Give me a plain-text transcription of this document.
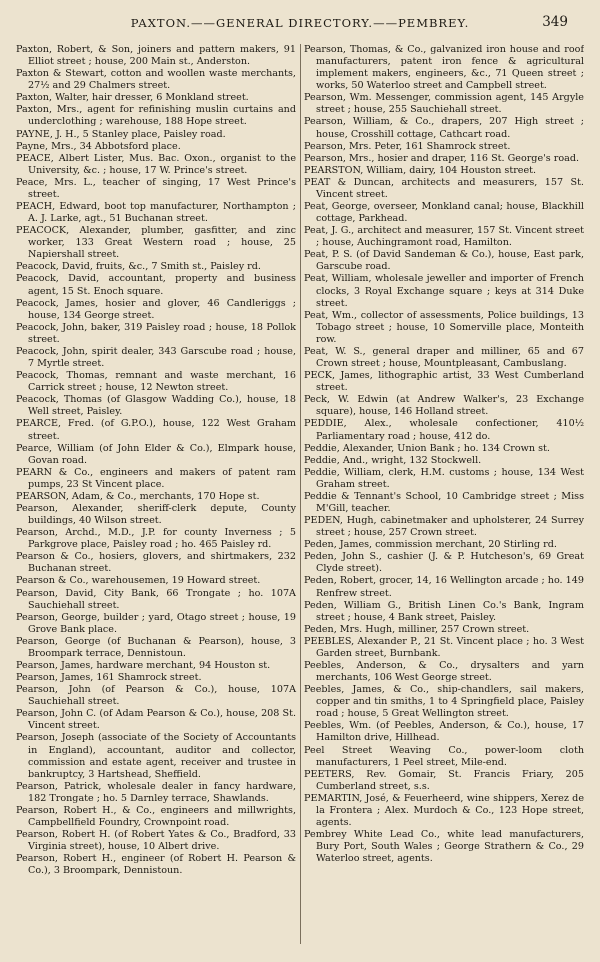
PAXTON.——GENERAL DIRECTORY.——PEMBREY.	349
Paxton, Robert, & Son, joiners and pattern makers, 91 Elliot street ; house, 200 Main st., Anderston.
Paxton & Stewart, cotton and woollen waste merchants, 27½ and 29 Chalmers street.
Paxton, Walter, hair dresser, 6 Monkland street.
Paxton, Mrs., agent for refinishing muslin curtains and underclothing ; warehouse, 188 Hope street.
PAYNE, J. H., 5 Stanley place, Paisley road.
Payne, Mrs., 34 Abbotsford place.
PEACE, Albert Lister, Mus. Bac. Oxon., organist to the University, &c. ; house, 17 W. Prince's street.
Peace, Mrs. L., teacher of singing, 17 West Prince's street.
PEACH, Edward, boot top manufacturer, Northampton ; A. J. Larke, agt., 51 Buchanan street.
PEACOCK, Alexander, plumber, gasfitter, and zinc worker, 133 Great Western road ; house, 25 Napiershall street.
Peacock, David, fruits, &c., 7 Smith st., Paisley rd.
Peacock, David, accountant, property and business agent, 15 St. Enoch square.
Peacock, James, hosier and glover, 46 Candleriggs ; house, 134 George street.
Peacock, John, baker, 319 Paisley road ; house, 18 Pollok street.
Peacock, John, spirit dealer, 343 Garscube road ; house, 7 Myrtle street.
Peacock, Thomas, remnant and waste merchant, 16 Carrick street ; house, 12 Newton street.
Peacock, Thomas (of Glasgow Wadding Co.), house, 18 Well street, Paisley.
PEARCE, Fred. (of G.P.O.), house, 122 West Graham street.
Pearce, William (of John Elder & Co.), Elmpark house, Govan road.
PEARN & Co., engineers and makers of patent ram pumps, 23 St Vincent place.
PEARSON, Adam, & Co., merchants, 170 Hope st.
Pearson, Alexander, sheriff-clerk depute, County buildings, 40 Wilson street.
Pearson, Archd., M.D., J.P. for county Inverness ; 5 Parkgrove place, Paisley road ; ho. 465 Paisley rd.
Pearson & Co., hosiers, glovers, and shirtmakers, 232 Buchanan street.
Pearson & Co., warehousemen, 19 Howard street.
Pearson, David, City Bank, 66 Trongate ; ho. 107A Sauchiehall street.
Pearson, George, builder ; yard, Otago street ; house, 19 Grove Bank place.
Pearson, George (of Buchanan & Pearson), house, 3 Broompark terrace, Dennistoun.
Pearson, James, hardware merchant, 94 Houston st.
Pearson, James, 161 Shamrock street.
Pearson, John (of Pearson & Co.), house, 107A Sauchiehall street.
Pearson, John C. (of Adam Pearson & Co.), house, 208 St. Vincent street.
Pearson, Joseph (associate of the Society of Accountants in England), accountant, auditor and collector, commission and estate agent, receiver and trustee in bankruptcy, 3 Hartshead, Sheffield.
Pearson, Patrick, wholesale dealer in fancy hardware, 182 Trongate ; ho. 5 Darnley terrace, Shawlands.
Pearson, Robert H., & Co., engineers and millwrights, Campbellfield Foundry, Crownpoint road.
Pearson, Robert H. (of Robert Yates & Co., Bradford, 33 Virginia street), house, 10 Albert drive.
Pearson, Robert H., engineer (of Robert H. Pearson & Co.), 3 Broompark, Dennistoun.
Pearson, Thomas, & Co., galvanized iron house and roof manufacturers, patent iron fence & agricultural implement makers, engineers, &c., 71 Queen street ; works, 50 Waterloo street and Campbell street.
Pearson, Wm. Messenger, commission agent, 145 Argyle street ; house, 255 Sauchiehall street.
Pearson, William, & Co., drapers, 207 High street ; house, Crosshill cottage, Cathcart road.
Pearson, Mrs. Peter, 161 Shamrock street.
Pearson, Mrs., hosier and draper, 116 St. George's road.
PEARSTON, William, dairy, 104 Houston street.
PEAT & Duncan, architects and measurers, 157 St. Vincent street.
Peat, George, overseer, Monkland canal; house, Blackhill cottage, Parkhead.
Peat, J. G., architect and measurer, 157 St. Vincent street ; house, Auchingramont road, Hamilton.
Peat, P. S. (of David Sandeman & Co.), house, East park, Garscube road.
Peat, William, wholesale jeweller and importer of French clocks, 3 Royal Exchange square ; keys at 314 Duke street.
Peat, Wm., collector of assessments, Police buildings, 13 Tobago street ; house, 10 Somerville place, Monteith row.
Peat, W. S., general draper and milliner, 65 and 67 Crown street ; house, Mountpleasant, Cambuslang.
PECK, James, lithographic artist, 33 West Cumberland street.
Peck, W. Edwin (at Andrew Walker's, 23 Exchange square), house, 146 Holland street.
PEDDIE, Alex., wholesale confectioner, 410½ Parliamentary road ; house, 412 do.
Peddie, Alexander, Union Bank ; ho. 134 Crown st.
Peddie, And., wright, 132 Stockwell.
Peddie, William, clerk, H.M. customs ; house, 134 West Graham street.
Peddie & Tennant's School, 10 Cambridge street ; Miss M'Gill, teacher.
PEDEN, Hugh, cabinetmaker and upholsterer, 24 Surrey street ; house, 257 Crown street.
Peden, James, commission merchant, 20 Stirling rd.
Peden, John S., cashier (J. & P. Hutcheson's, 69 Great Clyde street).
Peden, Robert, grocer, 14, 16 Wellington arcade ; ho. 149 Renfrew street.
Peden, William G., British Linen Co.'s Bank, Ingram street ; house, 4 Bank street, Paisley.
Peden, Mrs. Hugh, milliner, 257 Crown street.
PEEBLES, Alexander P., 21 St. Vincent place ; ho. 3 West Garden street, Burnbank.
Peebles, Anderson, & Co., drysalters and yarn merchants, 106 West George street.
Peebles, James, & Co., ship-chandlers, sail makers, copper and tin smiths, 1 to 4 Springfield place, Paisley road ; house, 5 Great Wellington street.
Peebles, Wm. (of Peebles, Anderson, & Co.), house, 17 Hamilton drive, Hillhead.
Peel Street Weaving Co., power-loom cloth manufacturers, 1 Peel street, Mile-end.
PEETERS, Rev. Gomair, St. Francis Friary, 205 Cumberland street, s.s.
PEMARTIN, José, & Feuerheerd, wine shippers, Xerez de la Frontera ; Alex. Murdoch & Co., 123 Hope street, agents.
Pembrey White Lead Co., white lead manufacturers, Bury Port, South Wales ; George Strathern & Co., 29 Waterloo street, agents.
